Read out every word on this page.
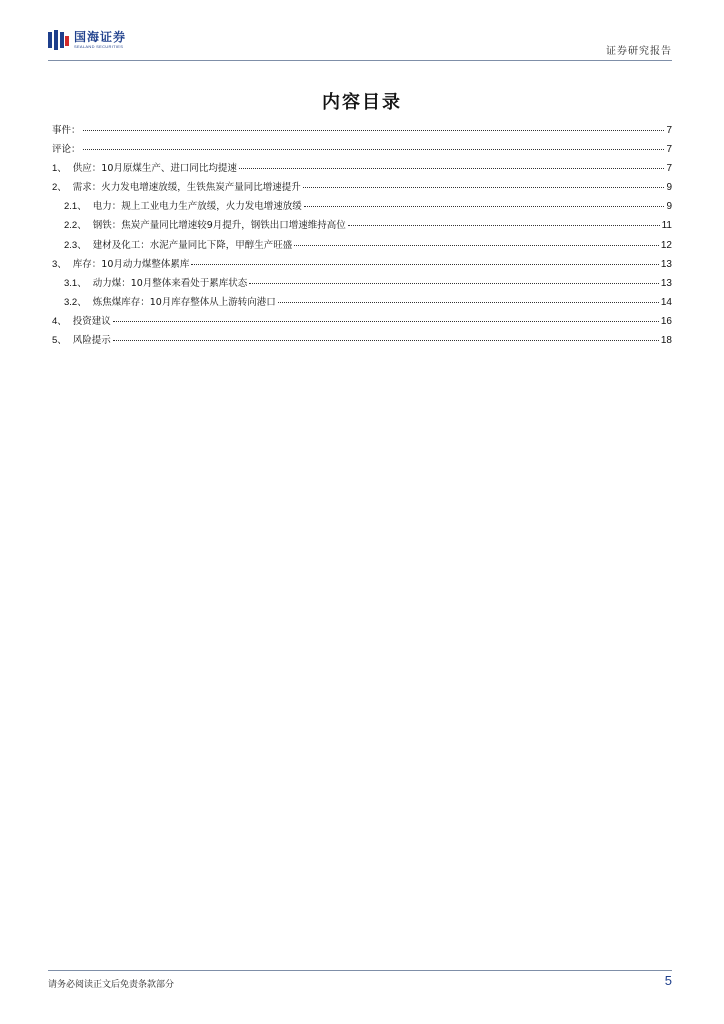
国海证券
SEALAND SECURITIES	证券研究报告
内容目录
事件：	7
评论：	7
1、 供应：10月原煤生产、进口同比均提速	7
2、 需求：火力发电增速放缓，生铁焦炭产量同比增速提升	9
2.1、 电力：规上工业电力生产放缓，火力发电增速放缓	9
2.2、 钢铁：焦炭产量同比增速较9月提升，钢铁出口增速维持高位	11
2.3、 建材及化工：水泥产量同比下降，甲醇生产旺盛	12
3、 库存：10月动力煤整体累库	13
3.1、 动力煤：10月整体来看处于累库状态	13
3.2、 炼焦煤库存：10月库存整体从上游转向港口	14
4、 投资建议	16
5、 风险提示	18
请务必阅读正文后免责条款部分	5
